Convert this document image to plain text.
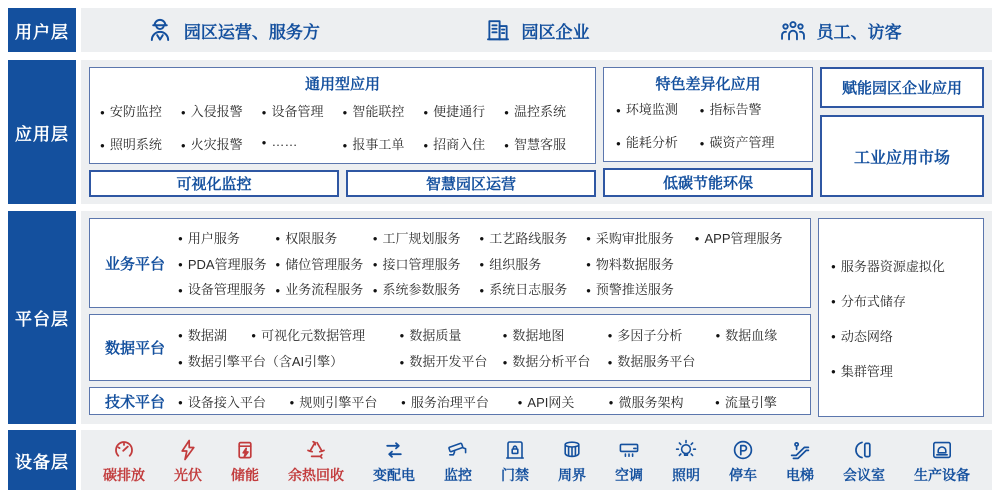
用户层	园区运营、服务方	园区企业	员工、访客
应用层
通用型应用
● 安防监控	● 入侵报警	● 设备管理	● 智能联控	● 便捷通行	● 温控系统
● 照明系统	● 火灾报警	● ……	● 报事工单	● 招商入住	● 智慧客服
可视化监控	智慧园区运营
特色差异化应用
● 环境监测	● 指标告警
● 能耗分析	● 碳资产管理
低碳节能环保
赋能园区企业应用
工业应用市场
平台层
业务平台
● 用户服务	● 权限服务	● 工厂规划服务	● 工艺路线服务	● 采购审批服务	● APP管理服务
● PDA管理服务	● 储位管理服务	● 接口管理服务	● 组织服务	● 物料数据服务
● 设备管理服务	● 业务流程服务	● 系统参数服务	● 系统日志服务	● 预警推送服务
数据平台
● 数据湖	● 可视化元数据管理	● 数据质量	● 数据地图	● 多因子分析	● 数据血缘
● 数据引擎平台（含AI引擎）	● 数据开发平台	● 数据分析平台	● 数据服务平台
技术平台	● 设备接入平台	● 规则引擎平台	● 服务治理平台	● API网关	● 微服务架构	● 流量引擎
● 服务器资源虚拟化
● 分布式储存
● 动态网络
● 集群管理
设备层
碳排放 光伏 储能 余热回收 变配电 监控 门禁 周界 空调 照明 停车 电梯 会议室 生产设备
